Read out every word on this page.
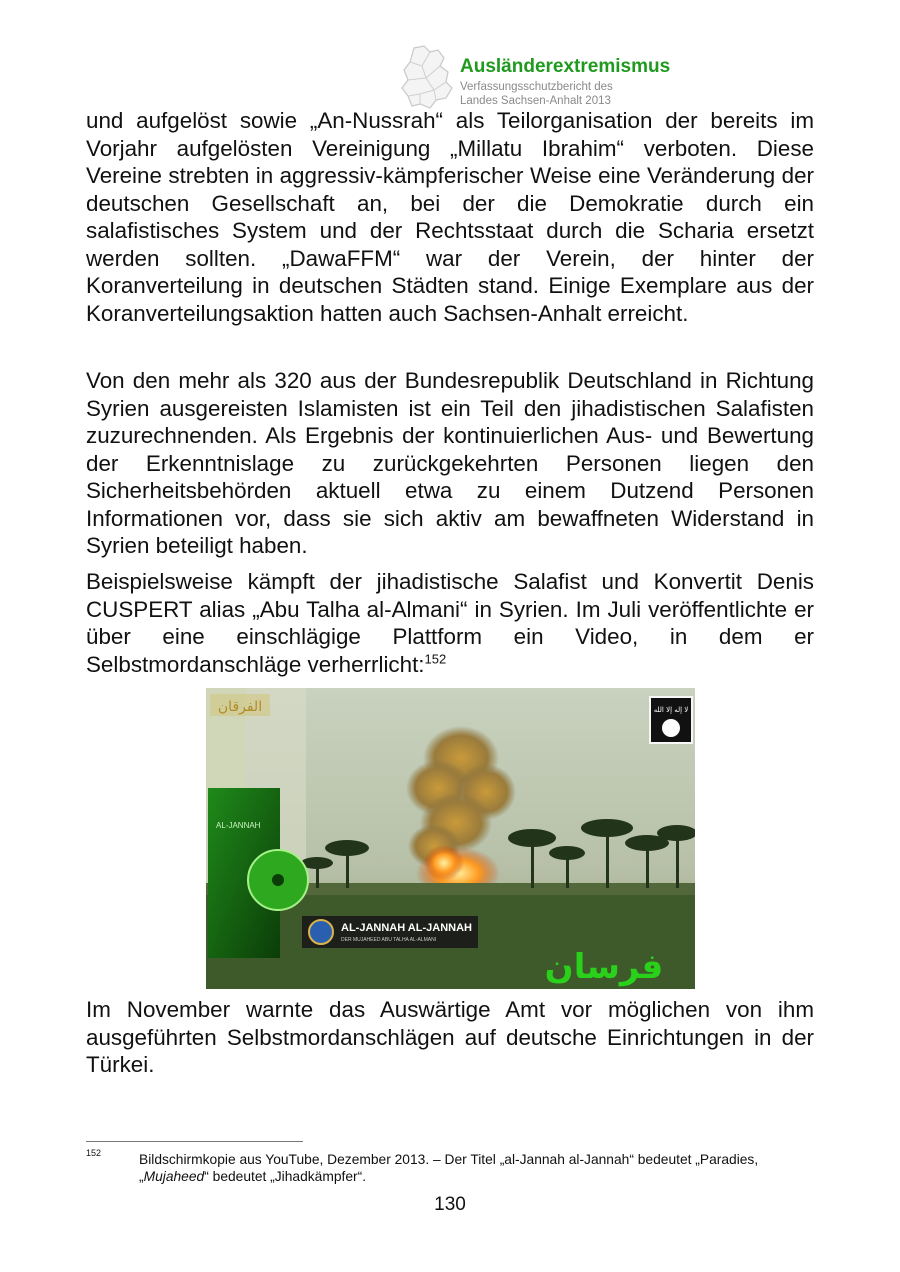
Ausländerextremismus
Verfassungsschutzbericht des
Landes Sachsen-Anhalt 2013

und aufgelöst sowie „An-Nussrah“ als Teilorganisation der bereits im Vorjahr aufgelösten Vereinigung „Millatu Ibrahim“ verboten. Diese Vereine strebten in aggressiv-kämpferischer Weise eine Veränderung der deutschen Gesellschaft an, bei der die Demokratie durch ein salafistisches System und der Rechtsstaat durch die Scharia ersetzt werden sollten. „DawaFFM“ war der Verein, der hinter der Koranverteilung in deutschen Städten stand. Einige Exemplare aus der Koranverteilungsaktion hatten auch Sachsen-Anhalt erreicht.

Von den mehr als 320 aus der Bundesrepublik Deutschland in Richtung Syrien ausgereisten Islamisten ist ein Teil den jihadistischen Salafisten zuzurechnenden. Als Ergebnis der kontinuierlichen Aus- und Bewertung der Erkenntnislage zu zurückgekehrten Personen liegen den Sicherheitsbehörden aktuell etwa zu einem Dutzend Personen Informationen vor, dass sie sich aktiv am bewaffneten Widerstand in Syrien beteiligt haben.

Beispielsweise kämpft der jihadistische Salafist und Konvertit Denis CUSPERT alias „Abu Talha al-Almani“ in Syrien. Im Juli veröffentlichte er über eine einschlägige Plattform ein Video, in dem er Selbstmordanschläge verherrlicht:$^{152}$

AL-JANNAH
الفرقان	لا إله إلا الله
AL-JANNAH AL-JANNAH
DER MUJAHEED ABU TALHA AL-ALMANI
فرسان

Im November warnte das Auswärtige Amt vor möglichen von ihm ausgeführten Selbstmordanschlägen auf deutsche Einrichtungen in der Türkei.

152	Bildschirmkopie aus YouTube, Dezember 2013. – Der Titel „al-Jannah al-Jannah“ bedeutet „Paradies, „Mujaheed“ bedeutet „Jihadkämpfer“.

130
